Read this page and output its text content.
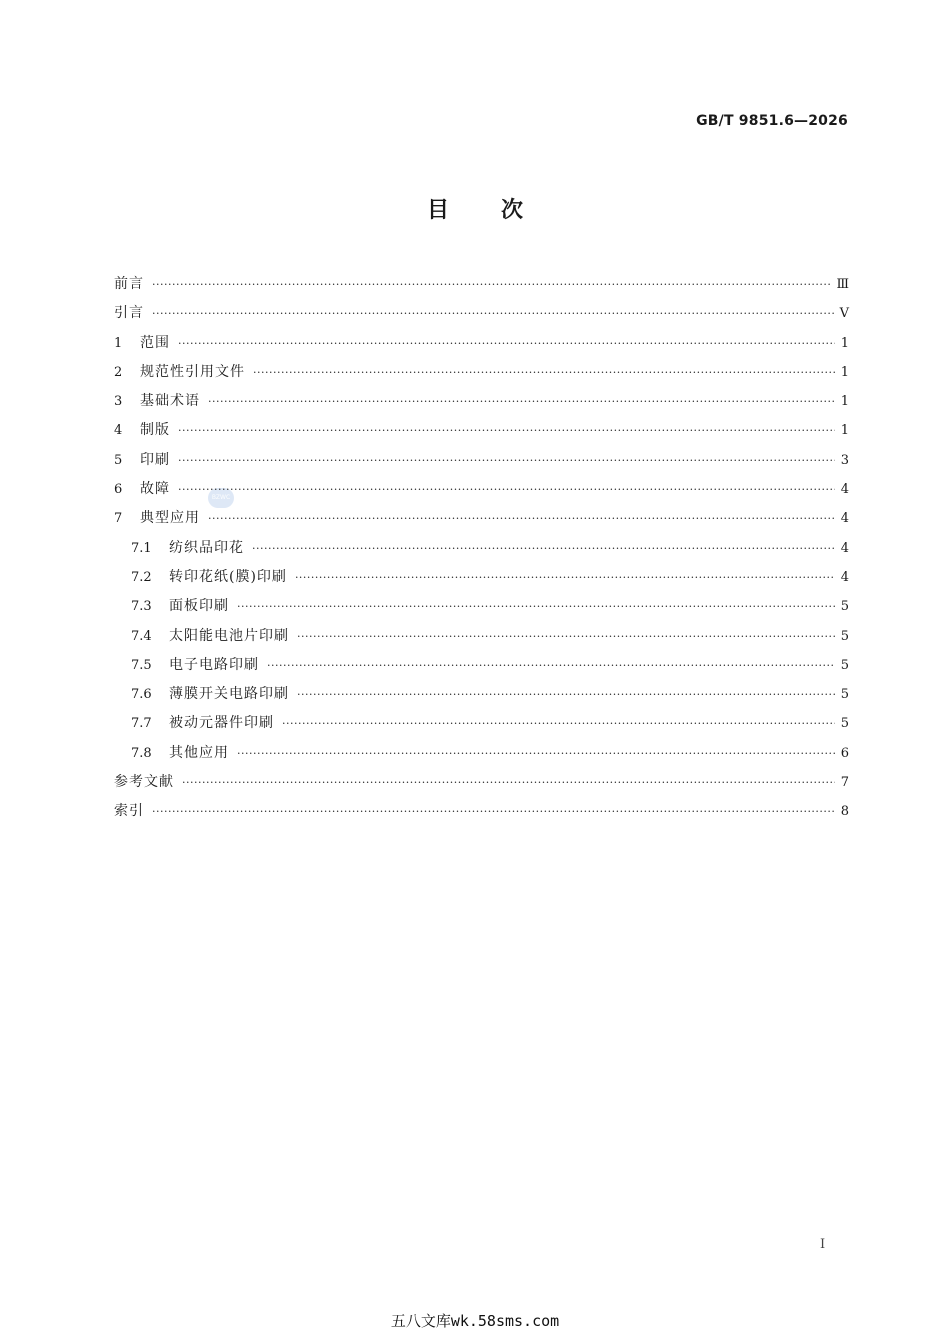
GB/T 9851.6—2026
目次
BZWC
前言 ·····	Ⅲ
引言 ·····	Ⅴ
1	范围 ·····	1
2	规范性引用文件 ·····	1
3	基础术语 ·····	1
4	制版 ·····	1
5	印刷 ·····	3
6	故障 ·····	4
7	典型应用 ·····	4
7.1	纺织品印花 ·····	4
7.2	转印花纸(膜)印刷 ·····	4
7.3	面板印刷 ·····	5
7.4	太阳能电池片印刷 ·····	5
7.5	电子电路印刷 ·····	5
7.6	薄膜开关电路印刷 ·····	5
7.7	被动元器件印刷 ·····	5
7.8	其他应用 ·····	6
参考文献 ·····	7
索引 ·····	8
Ⅰ
五八文库wk.58sms.com
